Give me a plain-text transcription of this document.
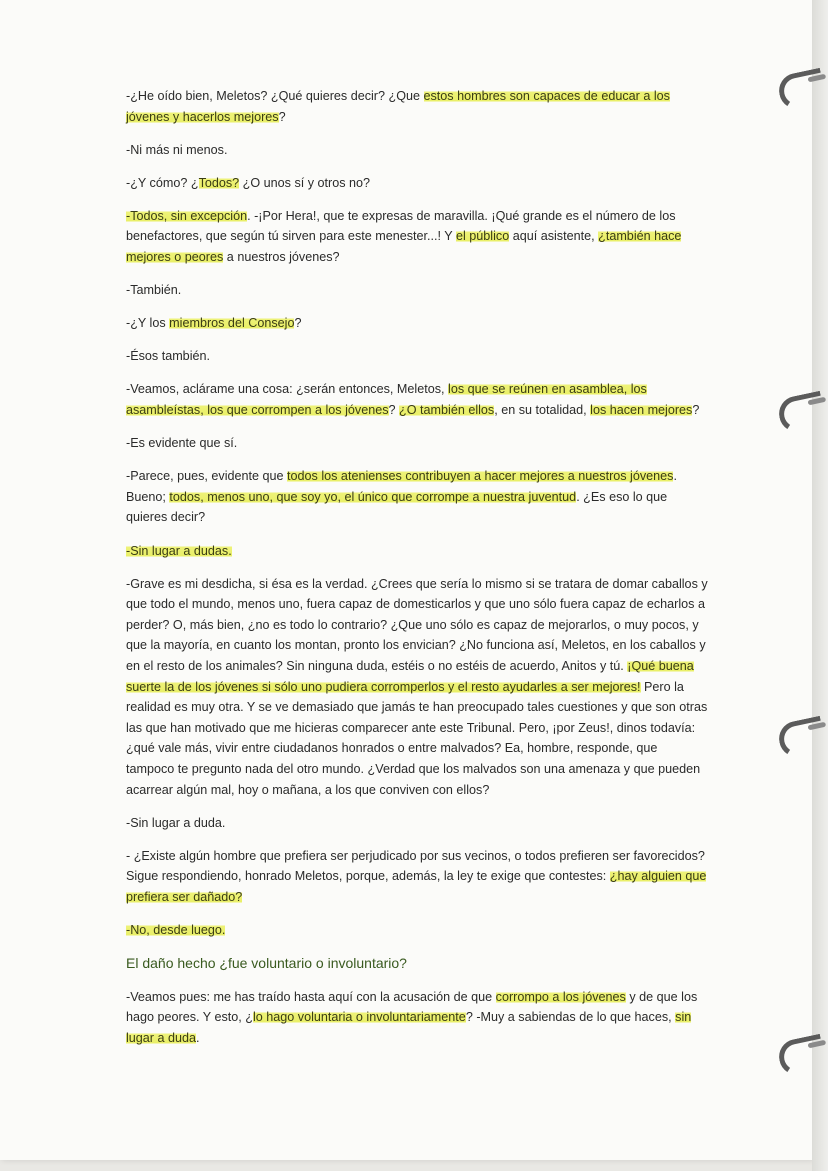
-¿He oído bien, Meletos? ¿Qué quieres decir? ¿Que estos hombres son capaces de educar a los jóvenes y hacerlos mejores?

-Ni más ni menos.

-¿Y cómo? ¿Todos? ¿O unos sí y otros no?

-Todos, sin excepción. -¡Por Hera!, que te expresas de maravilla. ¡Qué grande es el número de los benefactores, que según tú sirven para este menester...! Y el público aquí asistente, ¿también hace mejores o peores a nuestros jóvenes?

-También.

-¿Y los miembros del Consejo?

-Ésos también.

-Veamos, aclárame una cosa: ¿serán entonces, Meletos, los que se reúnen en asamblea, los asambleístas, los que corrompen a los jóvenes? ¿O también ellos, en su totalidad, los hacen mejores?

-Es evidente que sí.

-Parece, pues, evidente que todos los atenienses contribuyen a hacer mejores a nuestros jóvenes. Bueno; todos, menos uno, que soy yo, el único que corrompe a nuestra juventud. ¿Es eso lo que quieres decir?

-Sin lugar a dudas.

-Grave es mi desdicha, si ésa es la verdad. ¿Crees que sería lo mismo si se tratara de domar caballos y que todo el mundo, menos uno, fuera capaz de domesticarlos y que uno sólo fuera capaz de echarlos a perder? O, más bien, ¿no es todo lo contrario? ¿Que uno sólo es capaz de mejorarlos, o muy pocos, y que la mayoría, en cuanto los montan, pronto los envician? ¿No funciona así, Meletos, en los caballos y en el resto de los animales? Sin ninguna duda, estéis o no estéis de acuerdo, Anitos y tú. ¡Qué buena suerte la de los jóvenes si sólo uno pudiera corromperlos y el resto ayudarles a ser mejores! Pero la realidad es muy otra. Y se ve demasiado que jamás te han preocupado tales cuestiones y que son otras las que han motivado que me hicieras comparecer ante este Tribunal. Pero, ¡por Zeus!, dinos todavía: ¿qué vale más, vivir entre ciudadanos honrados o entre malvados? Ea, hombre, responde, que tampoco te pregunto nada del otro mundo. ¿Verdad que los malvados son una amenaza y que pueden acarrear algún mal, hoy o mañana, a los que conviven con ellos?

-Sin lugar a duda.

- ¿Existe algún hombre que prefiera ser perjudicado por sus vecinos, o todos prefieren ser favorecidos? Sigue respondiendo, honrado Meletos, porque, además, la ley te exige que contestes: ¿hay alguien que prefiera ser dañado?

-No, desde luego.

El daño hecho ¿fue voluntario o involuntario?

-Veamos pues: me has traído hasta aquí con la acusación de que corrompo a los jóvenes y de que los hago peores. Y esto, ¿lo hago voluntaria o involuntariamente? -Muy a sabiendas de lo que haces, sin lugar a duda.
